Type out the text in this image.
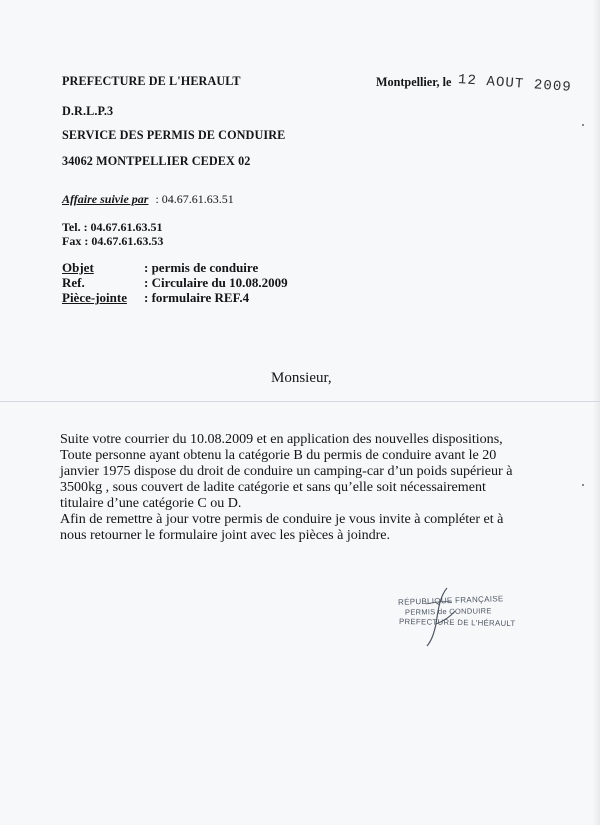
PREFECTURE DE L'HERAULT
D.R.L.P.3
SERVICE DES PERMIS DE CONDUIRE
34062 MONTPELLIER CEDEX 02
Montpellier, le 12 AOUT 2009
Affaire suivie par : 04.67.61.63.51
Tel. : 04.67.61.63.51
Fax : 04.67.61.63.53
Objet	: permis de conduire
Ref.	: Circulaire du 10.08.2009
Pièce-jointe : formulaire REF.4
Monsieur,
Suite votre courrier du 10.08.2009 et en application des nouvelles dispositions,
Toute personne ayant obtenu la catégorie B du permis de conduire avant le 20
janvier 1975 dispose du droit de conduire un camping-car d’un poids supérieur à
3500kg , sous couvert de ladite catégorie et sans qu’elle soit nécessairement
titulaire d’une catégorie C ou D.
Afin de remettre à jour votre permis de conduire je vous invite à compléter et à
nous retourner le formulaire joint avec les pièces à joindre.
RÉPUBLIQUE FRANÇAISE
PERMIS de CONDUIRE
PREFECTURE DE L'HÉRAULT
